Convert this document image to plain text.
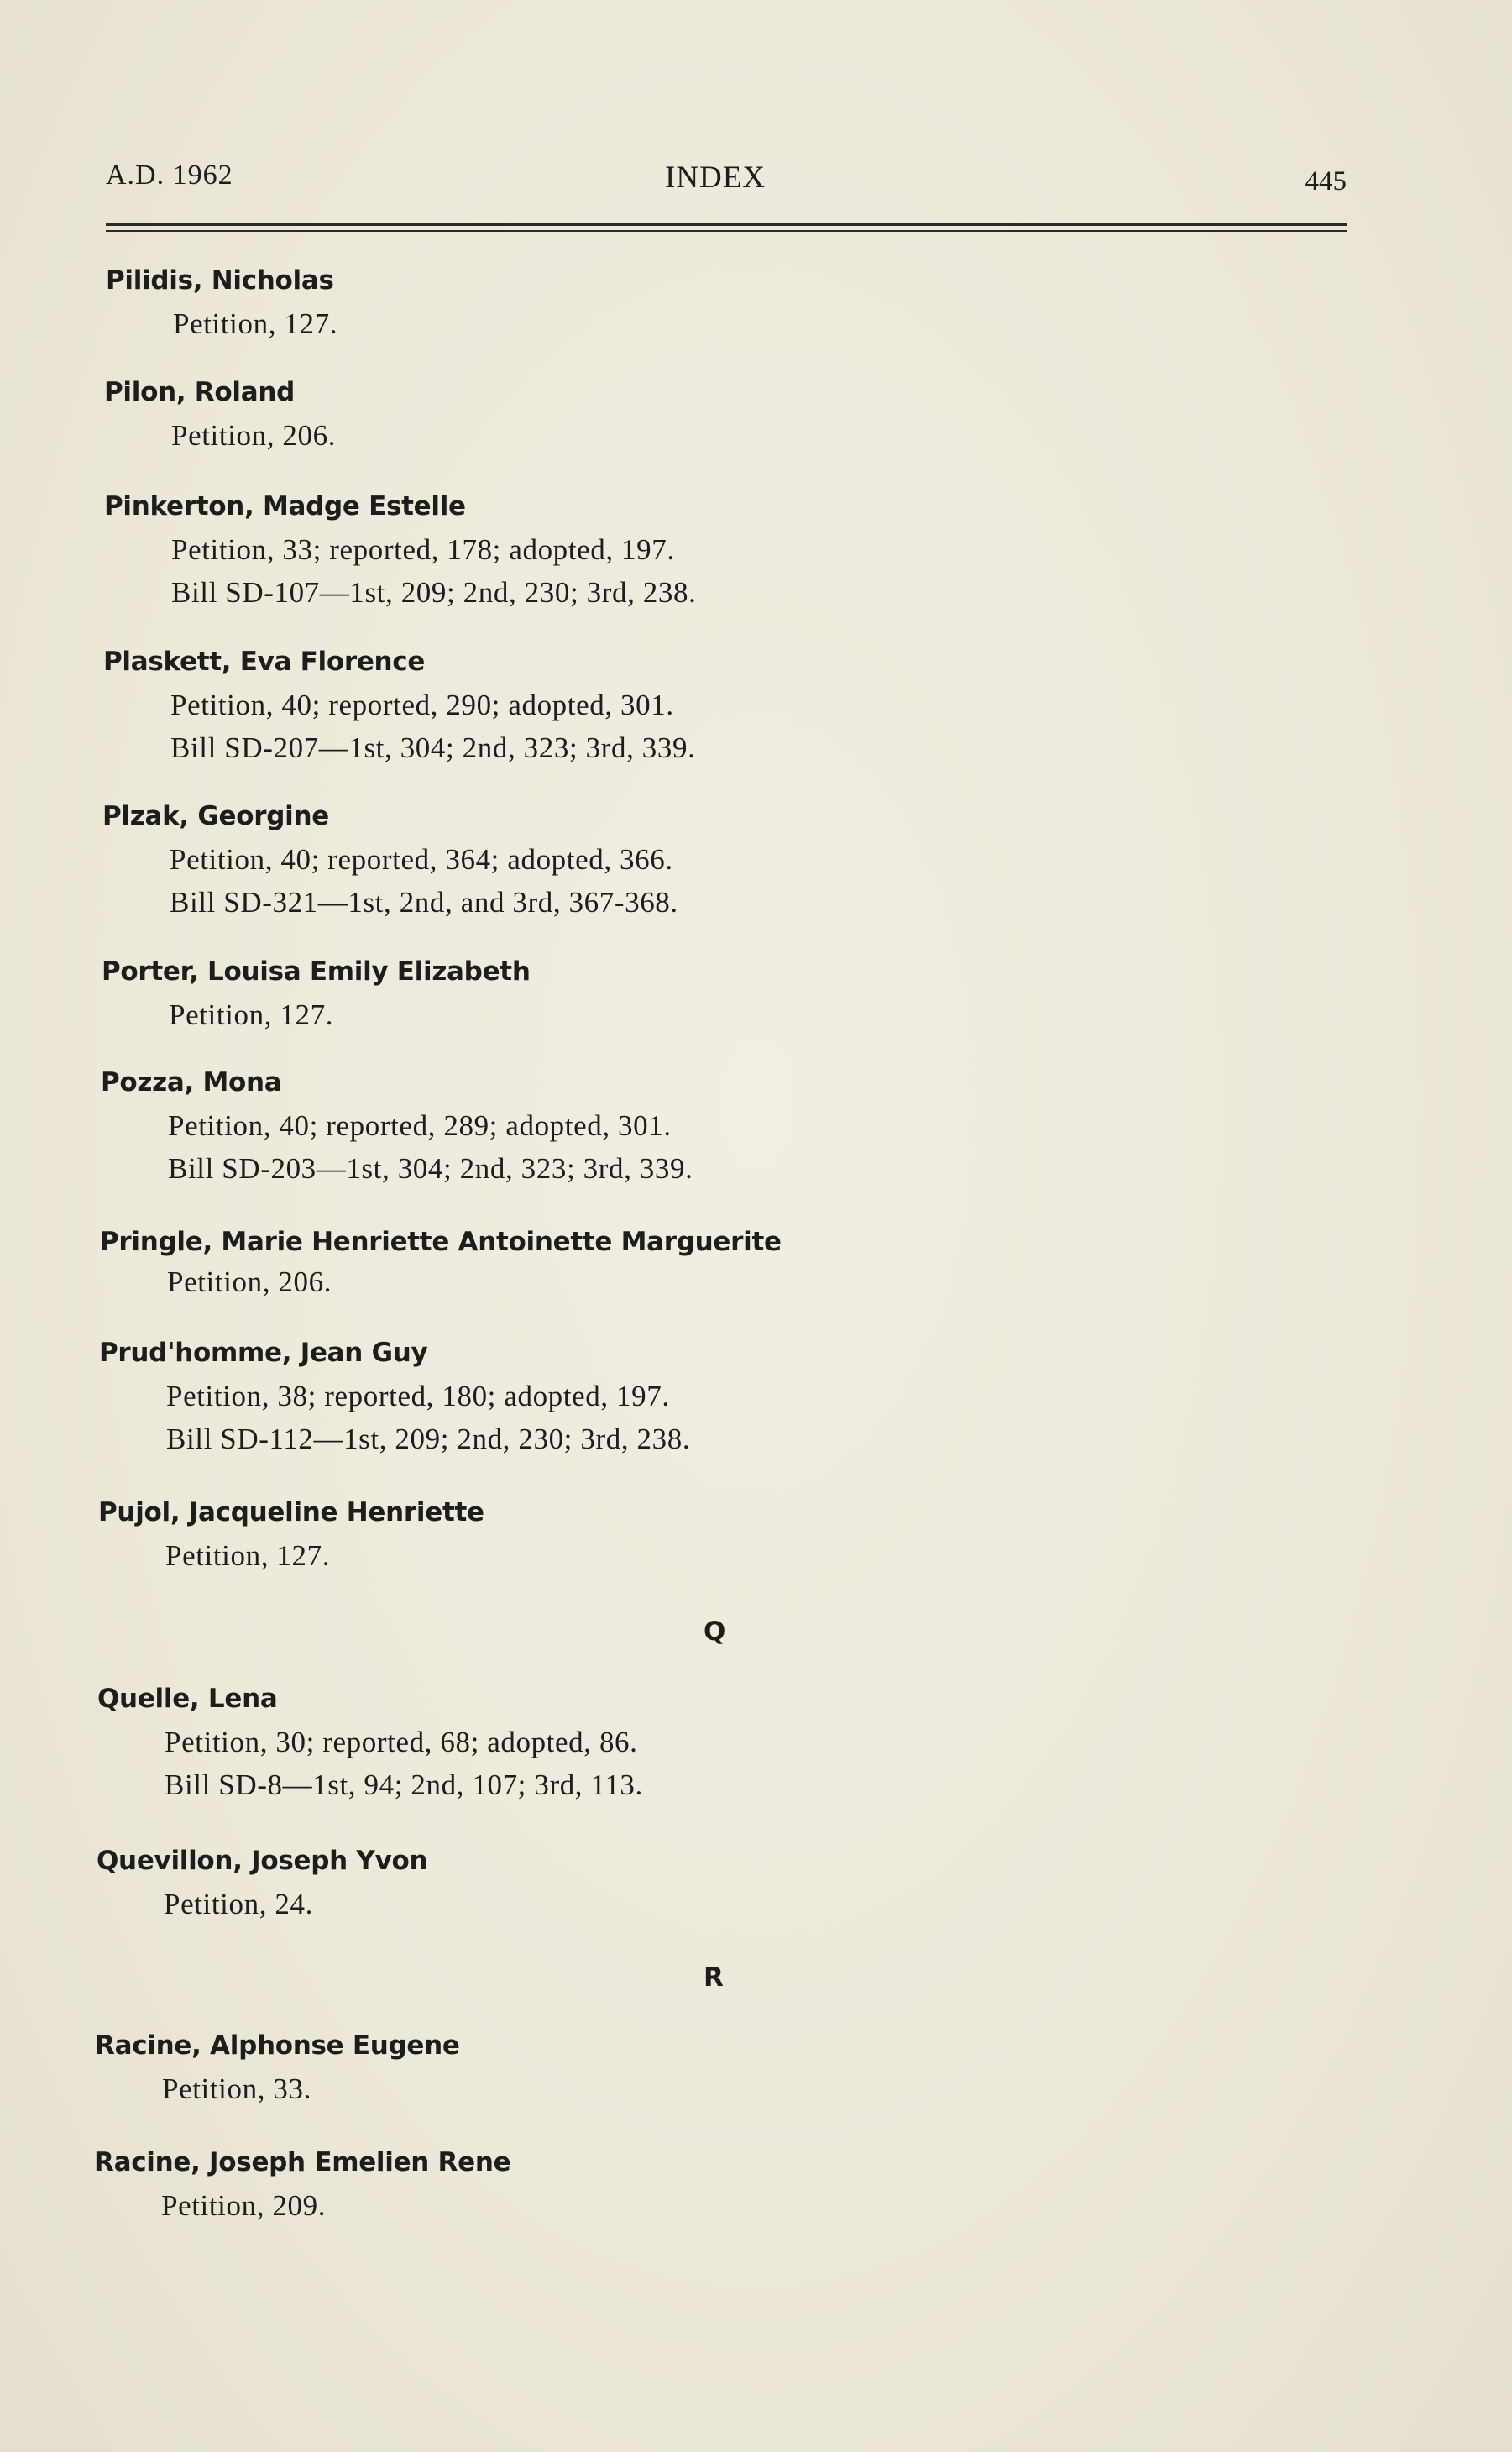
A.D. 1962	INDEX	445
Pilidis, Nicholas
Petition, 127.
Pilon, Roland
Petition, 206.
Pinkerton, Madge Estelle
Petition, 33; reported, 178; adopted, 197.
Bill SD-107—1st, 209; 2nd, 230; 3rd, 238.
Plaskett, Eva Florence
Petition, 40; reported, 290; adopted, 301.
Bill SD-207—1st, 304; 2nd, 323; 3rd, 339.
Plzak, Georgine
Petition, 40; reported, 364; adopted, 366.
Bill SD-321—1st, 2nd, and 3rd, 367-368.
Porter, Louisa Emily Elizabeth
Petition, 127.
Pozza, Mona
Petition, 40; reported, 289; adopted, 301.
Bill SD-203—1st, 304; 2nd, 323; 3rd, 339.
Pringle, Marie Henriette Antoinette Marguerite
Petition, 206.
Prud'homme, Jean Guy
Petition, 38; reported, 180; adopted, 197.
Bill SD-112—1st, 209; 2nd, 230; 3rd, 238.
Pujol, Jacqueline Henriette
Petition, 127.
Q
Quelle, Lena
Petition, 30; reported, 68; adopted, 86.
Bill SD-8—1st, 94; 2nd, 107; 3rd, 113.
Quevillon, Joseph Yvon
Petition, 24.
R
Racine, Alphonse Eugene
Petition, 33.
Racine, Joseph Emelien Rene
Petition, 209.
